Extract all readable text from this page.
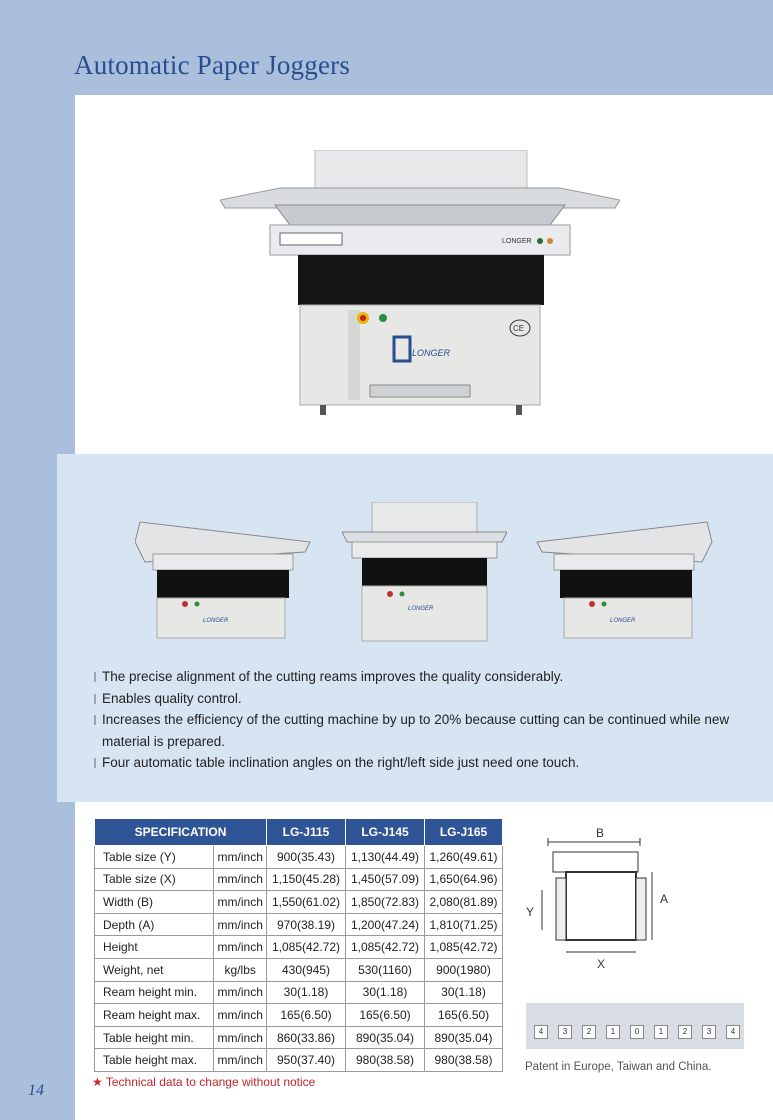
Automatic Paper Joggers
14
LONGER
LONGER
CE
LONGER
LONGER
LONGER
The precise alignment of the cutting reams improves the quality considerably.
Enables quality control.
Increases the efficiency of the cutting machine by up to 20% because cutting can be continued while new material is prepared.
Four automatic table inclination angles on the right/left side just need one touch.
SPECIFICATION		LG-J115	LG-J145	LG-J165
Table size (Y)	mm/inch	900(35.43)	1,130(44.49)	1,260(49.61)
Table size (X)	mm/inch	1,150(45.28)	1,450(57.09)	1,650(64.96)
Width (B)	mm/inch	1,550(61.02)	1,850(72.83)	2,080(81.89)
Depth (A)	mm/inch	970(38.19)	1,200(47.24)	1,810(71.25)
Height	mm/inch	1,085(42.72)	1,085(42.72)	1,085(42.72)
Weight, net	kg/lbs	430(945)	530(1160)	900(1980)
Ream height min.	mm/inch	30(1.18)	30(1.18)	30(1.18)
Ream height max.	mm/inch	165(6.50)	165(6.50)	165(6.50)
Table height min.	mm/inch	860(33.86)	890(35.04)	890(35.04)
Table height max.	mm/inch	950(37.40)	980(38.58)	980(38.58)
★ Technical data to change without notice
B
A
Y
X
4	3	2	1	0	1	2	3	4
Patent in Europe, Taiwan and China.
